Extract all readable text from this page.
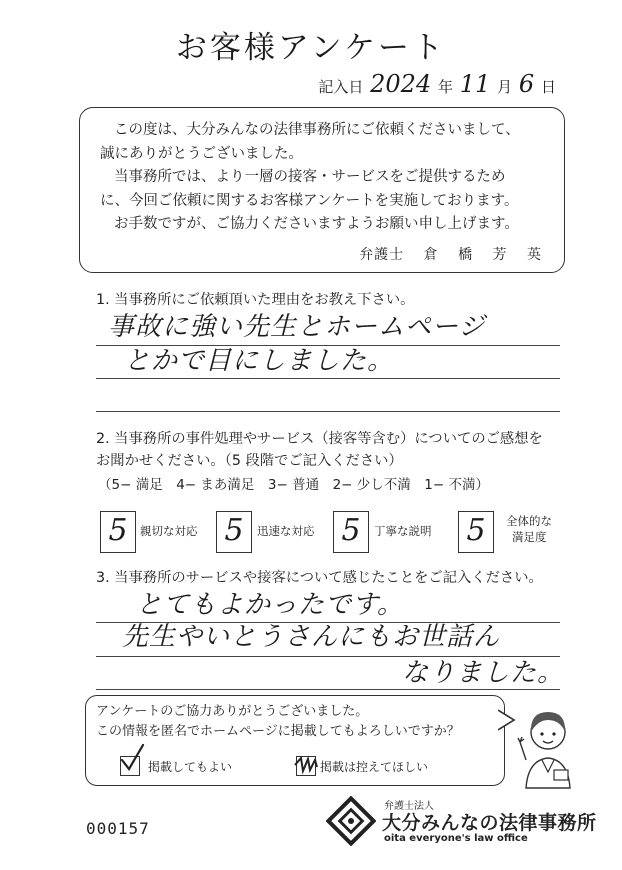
お客様アンケート
記入日 2024 年 11 月 6 日

この度は、大分みんなの法律事務所にご依頼くださいまして、

誠にありがとうございました。

当事務所では、より一層の接客・サービスをご提供するため

に、今回ご依頼に関するお客様アンケートを実施しております。

お手数ですが、ご協力くださいますようお願い申し上げます。

弁護士 倉 橋 芳 英
1. 当事務所にご依頼頂いた理由をお教え下さい。
事故に強い先生とホームページ
とかで目にしました。
2. 当事務所の事件処理やサービス（接客等含む）についてのご感想を
お聞かせください。（5 段階でご記入ください）
（5− 満足　4− まあ満足　3− 普通　2− 少し不満　1− 不満）
5	親切な対応 5	迅速な対応 5	丁寧な説明 5	全体的な
満足度
3. 当事務所のサービスや接客について感じたことをご記入ください。
とてもよかったです。
先生やいとうさんにもお世話ん
なりました。

アンケートのご協力ありがとうございました。

この情報を匿名でホームページに掲載してもよろしいですか？

掲載してもよい	掲載は控えてほしい
000157
弁護士法人
大分みんなの法律事務所
oita everyone's law office
